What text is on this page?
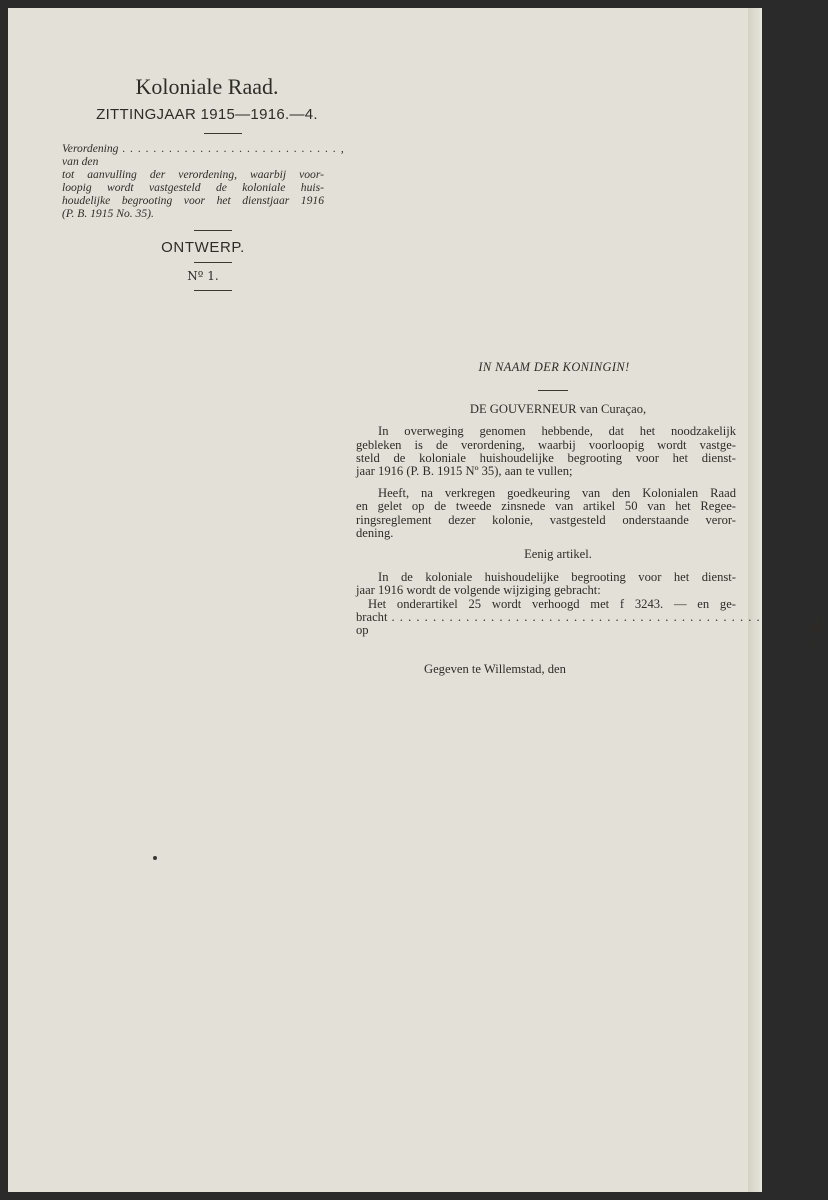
Koloniale Raad.
ZITTINGJAAR 1915—1916.—4.
Verordening van den
. . . . . . . . . . . . . . . . . . . . . . . . . . . . ,
tot aanvulling der verordening, waarbij voor-
loopig wordt vastgesteld de koloniale huis-
houdelijke begrooting voor het dienstjaar 1916
(P. B. 1915 No. 35).
ONTWERP.
Nº 1.
IN NAAM DER KONINGIN!
DE GOUVERNEUR van Curaçao,
In overweging genomen hebbende, dat het noodzakelijk
gebleken is de verordening, waarbij voorloopig wordt vastge-
steld de koloniale huishoudelijke begrooting voor het dienst-
jaar 1916 (P. B. 1915 Nº 35), aan te vullen;
Heeft, na verkregen goedkeuring van den Kolonialen Raad
en gelet op de tweede zinsnede van artikel 50 van het Regee-
ringsreglement dezer kolonie, vastgesteld onderstaande veror-
dening.
Eenig artikel.
In de koloniale huishoudelijke begrooting voor het dienst-
jaar 1916 wordt de volgende wijziging gebracht:
Het onderartikel 25 wordt verhoogd met f 3243. — en ge-
bracht op
. . . . . . . . . . . . . . . . . . . . . . . . . . . . . . . . . . . . . . . . . . . . . . . . . . f 11 996.—
Gegeven te Willemstad, den
